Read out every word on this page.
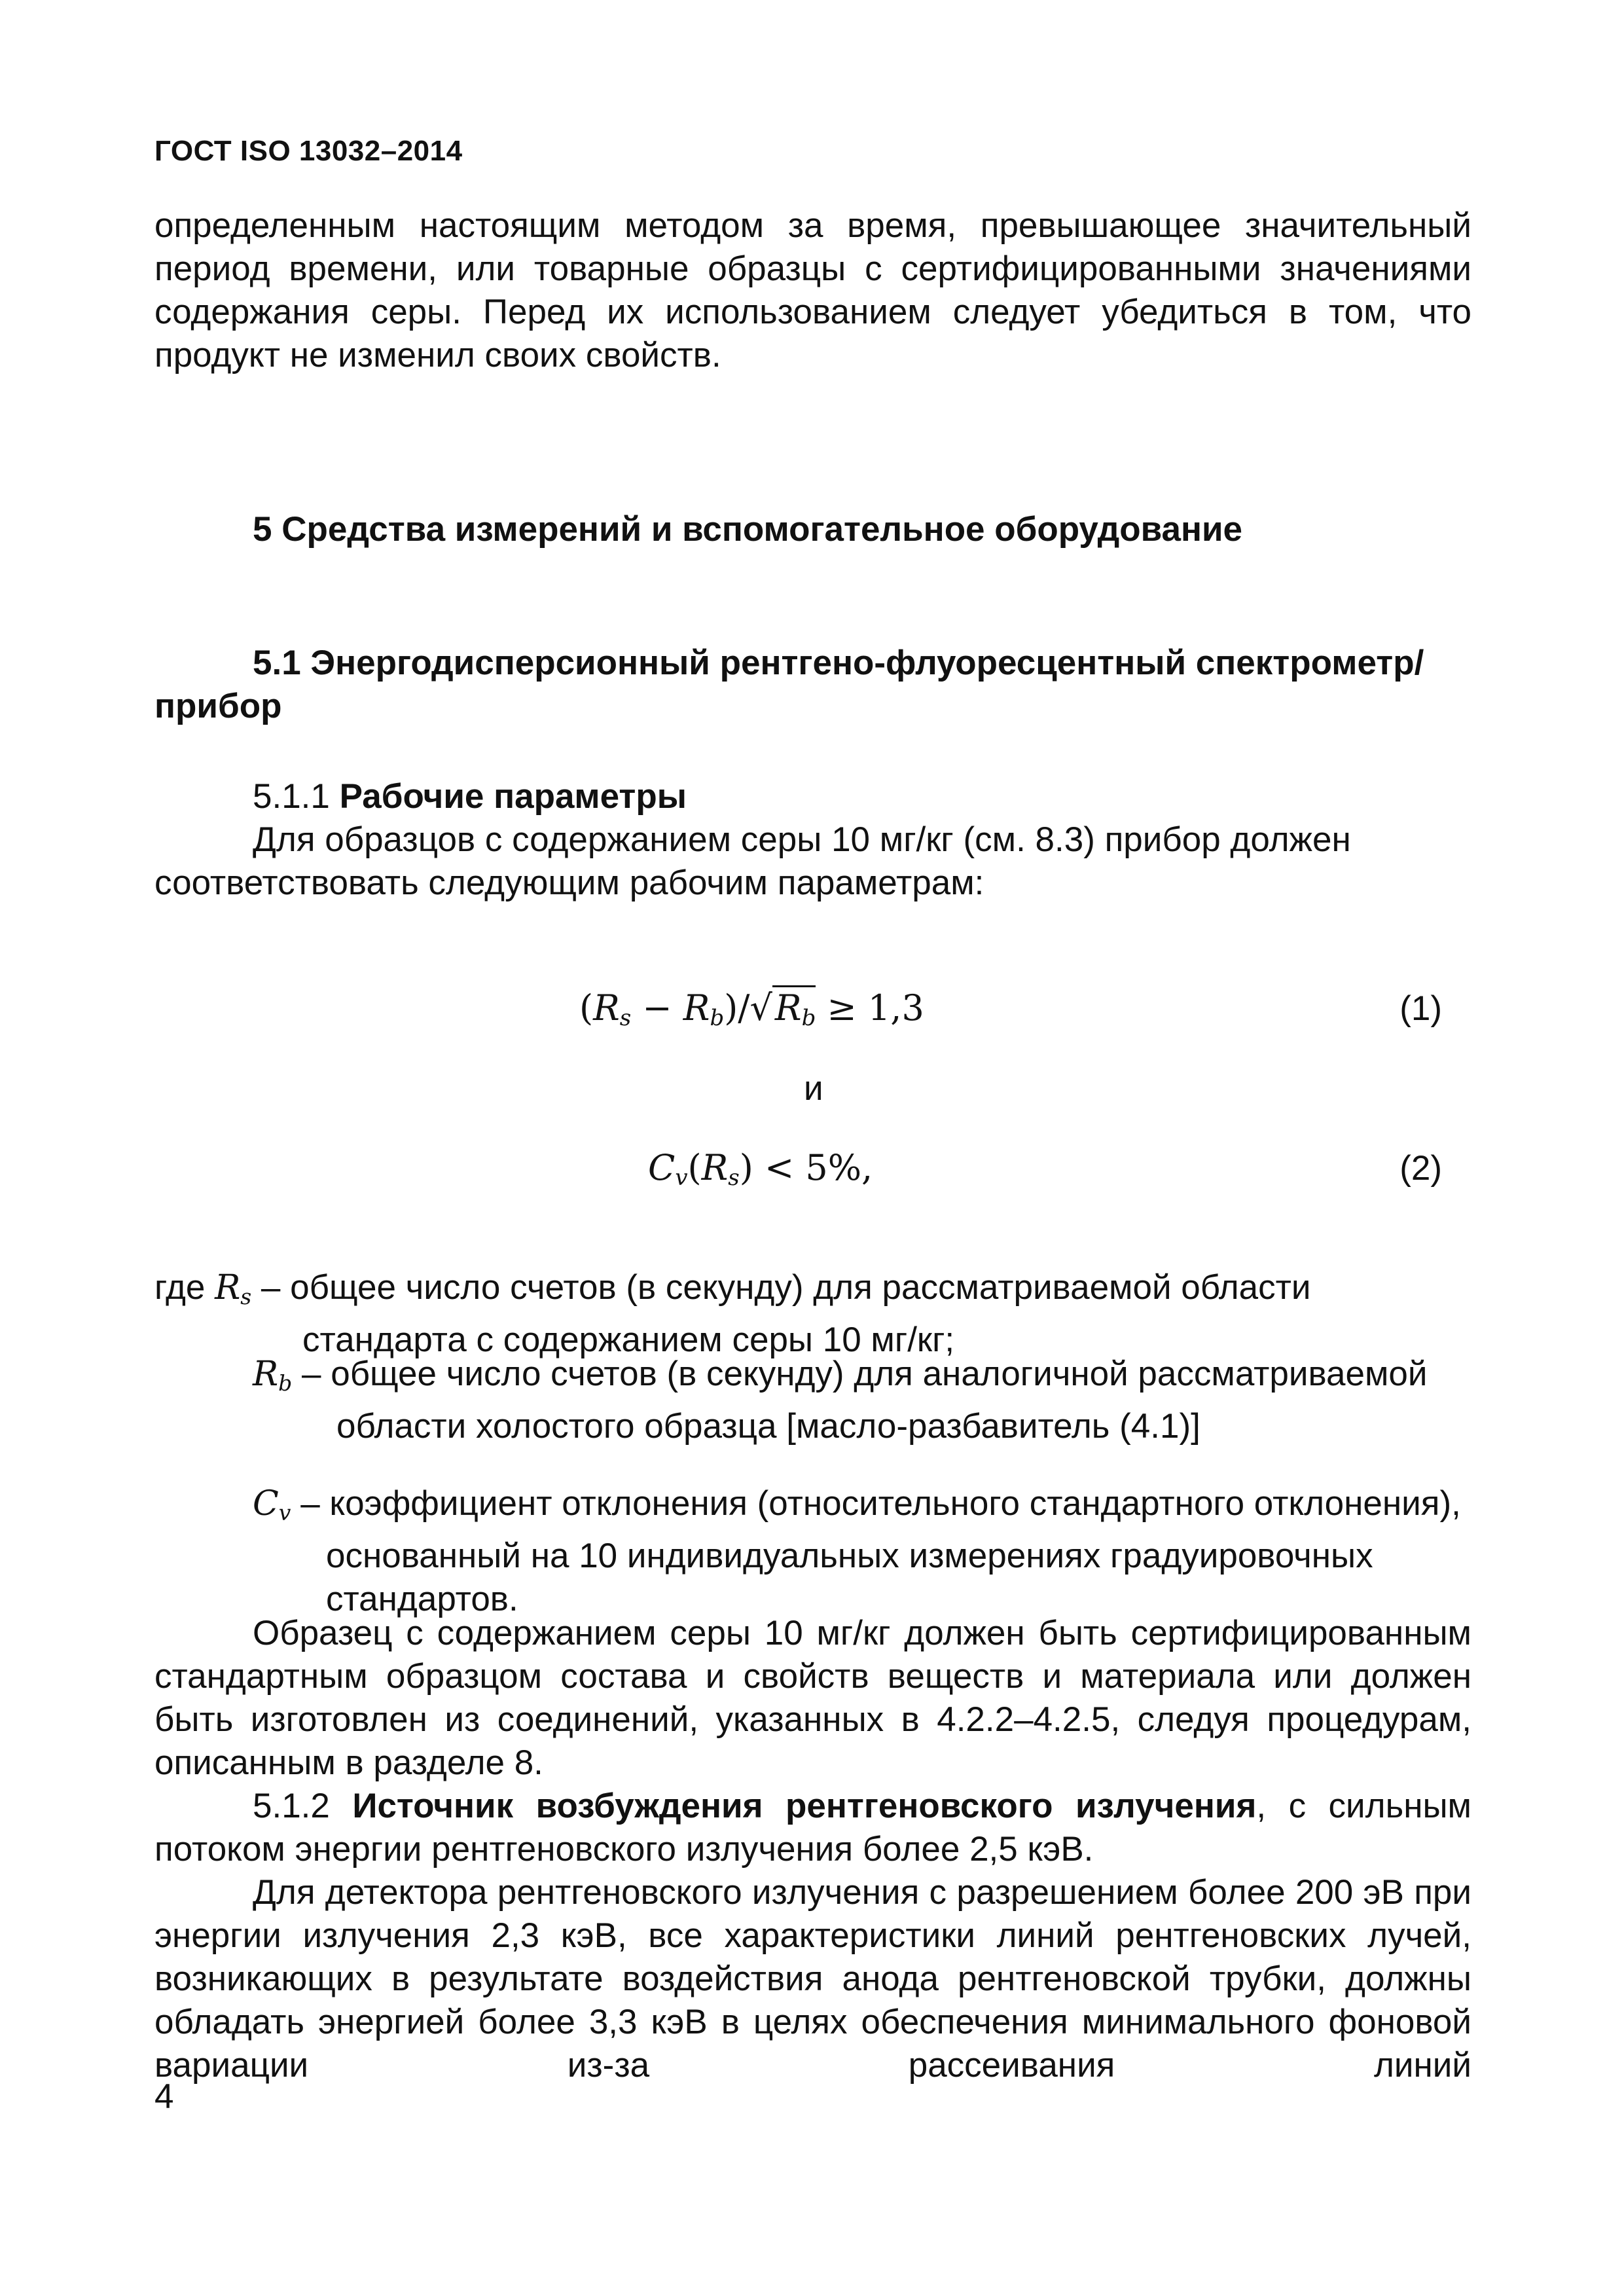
ГОСТ ISO 13032–2014
определенным настоящим методом за время, превышающее значительный период времени, или товарные образцы с сертифицированными значениями содержания серы. Перед их использованием следует убедиться в том, что продукт не изменил своих свойств.
5 Средства измерений и вспомогательное оборудование
5.1 Энергодисперсионный рентгено-флуоресцентный спектрометр/прибор
5.1.1 Рабочие параметры
Для образцов с содержанием серы 10 мг/кг (см. 8.3) прибор должен соответствовать следующим рабочим параметрам:
$(R_s - R_b)/√R_b \ge 1,3$	(1)
и
$C_v(R_s) < 5\%$,	(2)
где $R_s$ – общее число счетов (в секунду) для рассматриваемой области стандарта с содержанием серы 10 мг/кг;
$R_b$ – общее число счетов (в секунду) для аналогичной рассматриваемой области холостого образца [масло-разбавитель (4.1)]
$C_v$ – коэффициент отклонения (относительного стандартного отклонения), основанный на 10 индивидуальных измерениях градуировочных стандартов.
Образец с содержанием серы 10 мг/кг должен быть сертифицированным стандартным образцом состава и свойств веществ и материала или должен быть изготовлен из соединений, указанных в 4.2.2–4.2.5, следуя процедурам, описанным в разделе 8.
5.1.2 Источник возбуждения рентгеновского излучения, с сильным потоком энергии рентгеновского излучения более 2,5 кэВ.
Для детектора рентгеновского излучения с разрешением более 200 эВ при энергии излучения 2,3 кэВ, все характеристики линий рентгеновских лучей, возникающих в результате воздействия анода рентгеновской трубки, должны обладать энергией более 3,3 кэВ в целях обеспечения минимального фоновой вариации из-за рассеивания линий
4
